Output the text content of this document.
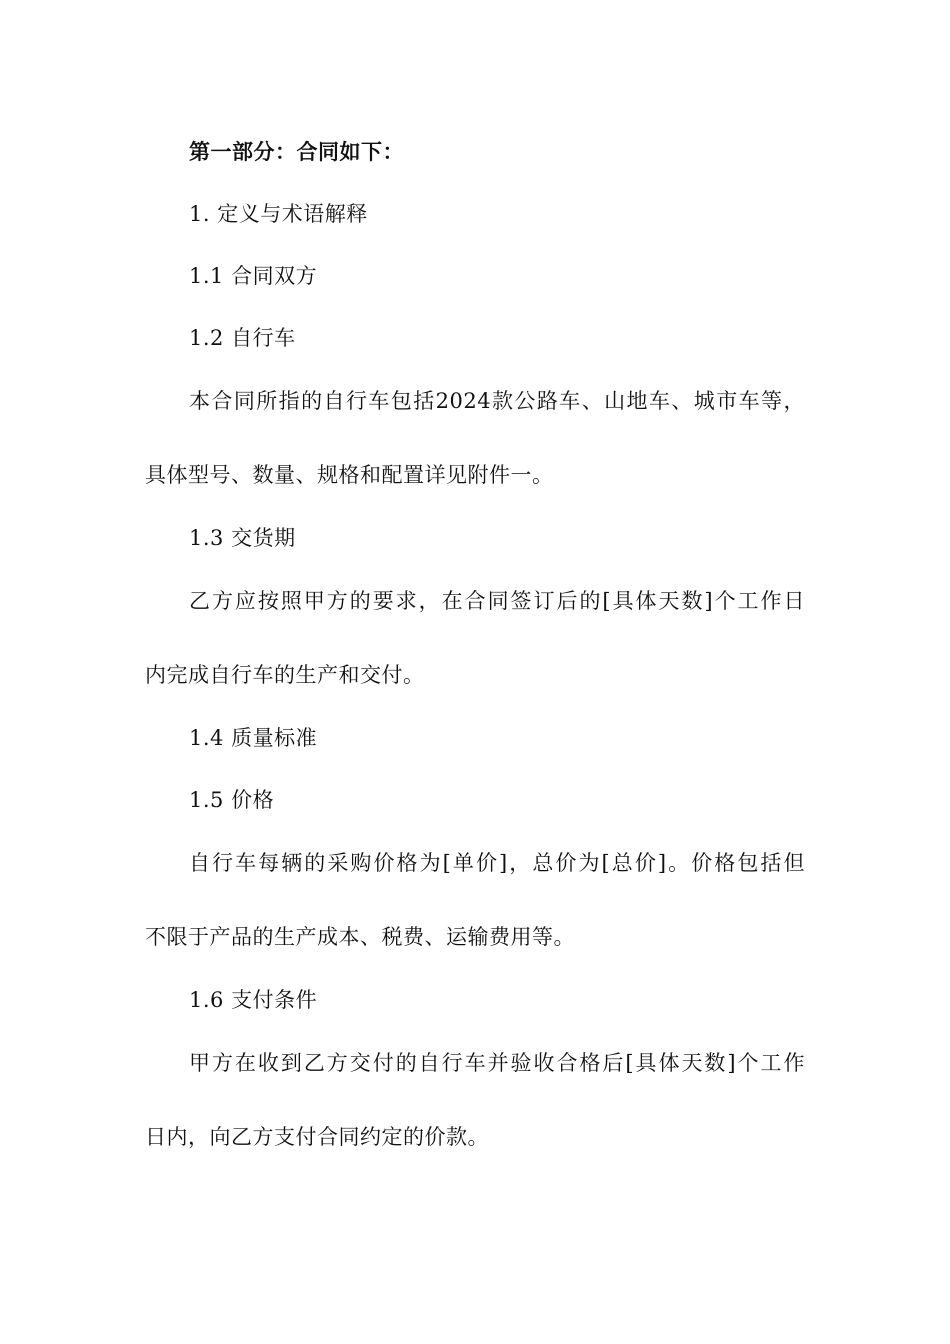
第一部分：合同如下：
1. 定义与术语解释
1.1 合同双方
1.2 自行车
本合同所指的自行车包括2024款公路车、山地车、城市车等，
具体型号、数量、规格和配置详见附件一。
1.3 交货期
乙方应按照甲方的要求，在合同签订后的[具体天数]个工作日
内完成自行车的生产和交付。
1.4 质量标准
1.5 价格
自行车每辆的采购价格为[单价]，总价为[总价]。价格包括但
不限于产品的生产成本、税费、运输费用等。
1.6 支付条件
甲方在收到乙方交付的自行车并验收合格后[具体天数]个工作
日内，向乙方支付合同约定的价款。
